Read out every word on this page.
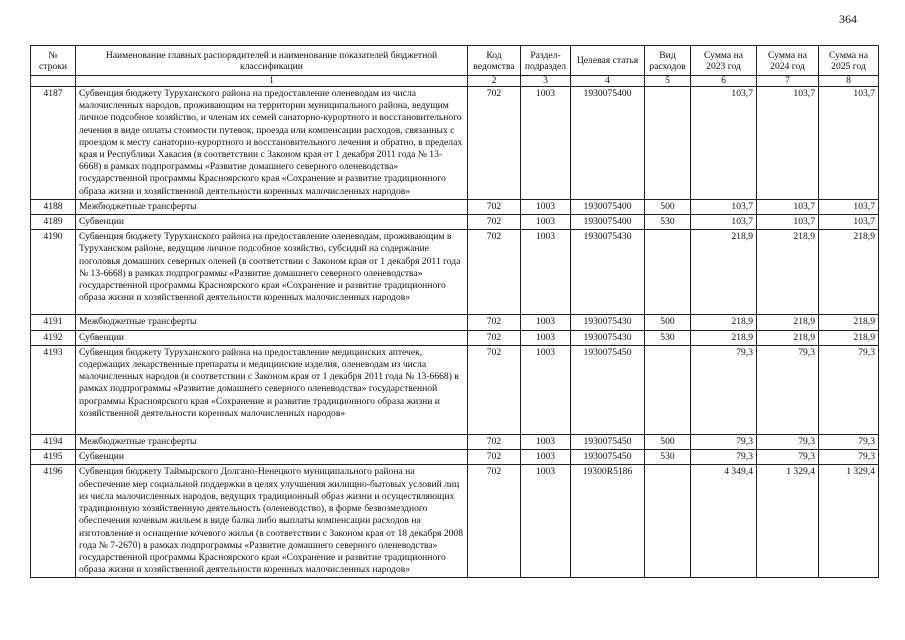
364
№ строки	Наименование главных распорядителей и наименование показателей бюджетной классификации	Код ведомства	Раздел-подраздел	Целевая статья	Вид расходов	Сумма на 2023 год	Сумма на 2024 год	Сумма на 2025 год
	1	2	3	4	5	6	7	8
4187	Субвенция бюджету Туруханского района на предоставление оленеводам из числа малочисленных народов, проживающим на территории муниципального района, ведущим личное подсобное хозяйство, и членам их семей санаторно-курортного и восстановительного лечения в виде оплаты стоимости путевок, проезда или компенсации расходов, связанных с проездом к месту санаторно-курортного и восстановительного лечения и обратно, в пределах края и Республики Хакасия (в соответствии с Законом края от 1 декабря 2011 года № 13-6668) в рамках подпрограммы «Развитие домашнего северного оленеводства» государственной программы Красноярского края «Сохранение и развитие традиционного образа жизни и хозяйственной деятельности коренных малочисленных народов»	702	1003	1930075400		103,7	103,7	103,7
4188	Межбюджетные трансферты	702	1003	1930075400	500	103,7	103,7	103,7
4189	Субвенции	702	1003	1930075400	530	103,7	103,7	103,7
4190	Субвенция бюджету Туруханского района на предоставление оленеводам, проживающим в Туруханском районе, ведущим личное подсобное хозяйство, субсидий на содержание поголовья домашних северных оленей (в соответствии с Законом края от 1 декабря 2011 года № 13-6668) в рамках подпрограммы «Развитие домашнего северного оленеводства» государственной программы Красноярского края «Сохранение и развитие традиционного образа жизни и хозяйственной деятельности коренных малочисленных народов»	702	1003	1930075430		218,9	218,9	218,9
4191	Межбюджетные трансферты	702	1003	1930075430	500	218,9	218,9	218,9
4192	Субвенции	702	1003	1930075430	530	218,9	218,9	218,9
4193	Субвенция бюджету Туруханского района на предоставление медицинских аптечек, содержащих лекарственные препараты и медицинские изделия, оленеводам из числа малочисленных народов (в соответствии с Законом края от 1 декабря 2011 года № 13-6668) в рамках подпрограммы «Развитие домашнего северного оленеводства» государственной программы Красноярского края «Сохранение и развитие традиционного образа жизни и хозяйственной деятельности коренных малочисленных народов»	702	1003	1930075450		79,3	79,3	79,3
4194	Межбюджетные трансферты	702	1003	1930075450	500	79,3	79,3	79,3
4195	Субвенции	702	1003	1930075450	530	79,3	79,3	79,3
4196	Субвенция бюджету Таймырского Долгано-Ненецкого муниципального района на обеспечение мер социальной поддержки в целях улучшения жилищно-бытовых условий лиц из числа малочисленных народов, ведущих традиционный образ жизни и осуществляющих традиционную хозяйственную деятельность (оленеводство), в форме безвозмездного обеспечения кочевым жильем в виде балка либо выплаты компенсации расходов на изготовление и оснащение кочевого жилья (в соответствии с Законом края от 18 декабря 2008 года № 7-2670) в рамках подпрограммы «Развитие домашнего северного оленеводства» государственной программы Красноярского края «Сохранение и развитие традиционного образа жизни и хозяйственной деятельности коренных малочисленных народов»	702	1003	19300R5186		4 349,4	1 329,4	1 329,4
